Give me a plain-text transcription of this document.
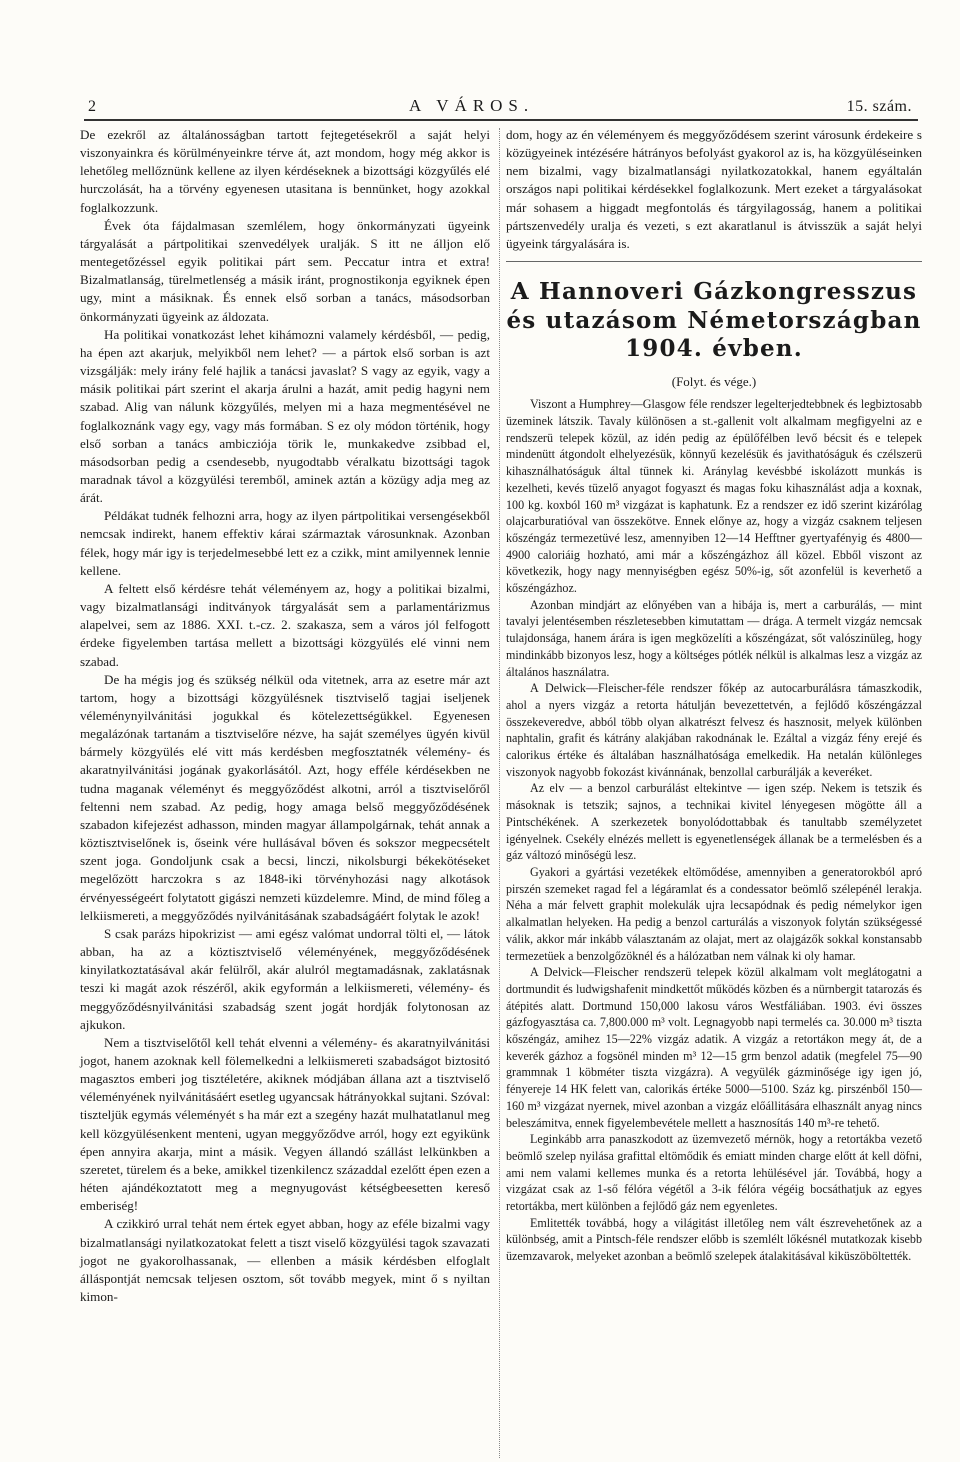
2	A VÁROS.	15. szám.

De ezekről az általánosságban tartott fejtegetésekről a saját helyi viszonyainkra és körülményeinkre térve át, azt mondom, hogy még akkor is lehetőleg mellőznünk kellene az ilyen kérdéseknek a bizottsági közgyűlés elé hurczolását, ha a törvény egyenesen utasitana is bennünket, hogy azokkal foglalkozzunk.

Évek óta fájdalmasan szemlélem, hogy önkormányzati ügyeink tárgyalását a pártpolitikai szenvedélyek uralják. S itt ne álljon elő mentegetőzéssel egyik politikai párt sem. Peccatur intra et extra! Bizalmatlanság, türelmetlenség a másik iránt, prognostikonja egyiknek épen ugy, mint a másiknak. És ennek első sorban a tanács, másodsorban önkormányzati ügyeink az áldozata.

Ha politikai vonatkozást lehet kihámozni valamely kérdésből, — pedig, ha épen azt akarjuk, melyikből nem lehet? — a pártok első sorban is azt vizsgálják: mely irány felé hajlik a tanácsi javaslat? S vagy az egyik, vagy a másik politikai párt szerint el akarja árulni a hazát, amit pedig hagyni nem szabad. Alig van nálunk közgyűlés, melyen mi a haza megmentésével ne foglalkoznánk vagy egy, vagy más formában. S ez oly módon történik, hogy első sorban a tanács ambicziója törik le, munkakedve zsibbad el, másodsorban pedig a csendesebb, nyugodtabb véralkatu bizottsági tagok maradnak távol a közgyülési teremből, aminek aztán a közügy adja meg az árát.

Példákat tudnék felhozni arra, hogy az ilyen pártpolitikai versengésekből nemcsak indirekt, hanem effektiv kárai származtak városunknak. Azonban félek, hogy már igy is terjedelmesebbé lett ez a czikk, mint amilyennek lennie kellene.

A feltett első kérdésre tehát véleményem az, hogy a politikai bizalmi, vagy bizalmatlansági inditványok tárgyalását sem a parlamentárizmus alapelvei, sem az 1886. XXI. t.-cz. 2. szakasza, sem a város jól felfogott érdeke figyelemben tartása mellett a bizottsági közgyülés elé vinni nem szabad.

De ha mégis jog és szükség nélkül oda vitetnek, arra az esetre már azt tartom, hogy a bizottsági közgyülésnek tisztviselő tagjai iseljenek véleménynyilvánitási jogukkal és kötelezettségükkel. Egyenesen megalázónak tartanám a tisztviselőre nézve, ha saját személyes ügyén kivül bármely közgyülés elé vitt más kerdésben megfosztatnék vélemény- és akaratnyilvánitási jogának gyakorlásától. Azt, hogy efféle kérdésekben ne tudna maganak véleményt és meggyőződést alkotni, arról a tisztviselőről feltenni nem szabad. Az pedig, hogy amaga belső meggyőződésének szabadon kifejezést adhasson, minden magyar állampolgárnak, tehát annak a köztisztviselőnek is, őseink vére hullásával bőven és sokszor megpecsételt szent joga. Gondoljunk csak a becsi, linczi, nikolsburgi békekötéseket megelőzött harczokra s az 1848-iki törvényhozási nagy alkotások érvényességeért folytatott gigászi nemzeti küzdelemre. Mind, de mind főleg a lelkiismereti, a meggyőződés nyilvánitásának szabadságáért folytak le azok!

S csak parázs hipokrizist — ami egész valómat undorral tölti el, — látok abban, ha az a köztisztviselő véleményének, meggyőződésének kinyilatkoztatásával akár felülről, akár alulról megtamadásnak, zaklatásnak teszi ki magát azok részéről, akik egyformán a lelkiismereti, vélemény- és meggyőződésnyilvánitási szabadság szent jogát hordják folytonosan az ajkukon.

Nem a tisztviselőtől kell tehát elvenni a vélemény- és akaratnyilvánitási jogot, hanem azoknak kell fölemelkedni a lelkiismereti szabadságot biztositó magasztos emberi jog tisztéletére, akiknek módjában állana azt a tisztviselő véleményének nyilvánitásáért esetleg ugyancsak hátrányokkal sujtani. Szóval: tiszteljük egymás véleményét s ha már ezt a szegény hazát mulhatatlanul meg kell közgyülésenkent menteni, ugyan meggyőződve arról, hogy ezt egyikünk épen annyira akarja, mint a másik. Vegyen állandó szállást lelkünkben a szeretet, türelem és a beke, amikkel tizenkilencz századdal ezelőtt épen ezen a héten ajándékoztatott meg a megnyugovást kétségbeesetten kereső emberiség!

A czikkiró urral tehát nem értek egyet abban, hogy az eféle bizalmi vagy bizalmatlansági nyilatkozatokat felett a tiszt viselő közgyülési tagok szavazati jogot ne gyakorolhassanak, — ellenben a másik kérdésben elfoglalt álláspontját nemcsak teljesen osztom, sőt tovább megyek, mint ő s nyiltan kimon-

dom, hogy az én véleményem és meggyőződésem szerint városunk érdekeire s közügyeinek intézésére hátrányos befolyást gyakorol az is, ha közgyüléseinken nem bizalmi, vagy bizalmatlansági nyilatkozatokkal, hanem egyáltalán országos napi politikai kérdésekkel foglalkozunk. Mert ezeket a tárgyalásokat már sohasem a higgadt megfontolás és tárgyilagosság, hanem a politikai pártszenvedély uralja és vezeti, s ezt akaratlanul is átvisszük a saját helyi ügyeink tárgyalására is.

A Hannoveri Gázkongresszus
és utazásom Németországban
1904. évben.
(Folyt. és vége.)

Viszont a Humphrey—Glasgow féle rendszer legelterjedtebbnek és legbiztosabb üzeminek látszik. Tavaly különösen a st.-gallenit volt alkalmam megfigyelni az e rendszerü telepek közül, az idén pedig az épülőfélben levő bécsit és e telepek mindenütt átgondolt elhelyezésük, könnyű kezelésük és javithatóságuk és czélszerü kihasználhatóságuk által tünnek ki. Aránylag kevésbbé iskolázott munkás is kezelheti, kevés tüzelő anyagot fogyaszt és magas foku kihasználást adja a koxnak, 100 kg. koxból 160 m³ vizgázat is kaphatunk. Ez a rendszer ez idő szerint kizárólag olajcarburatióval van összekötve. Ennek előnye az, hogy a vizgáz csaknem teljesen kőszéngáz termezetüvé lesz, amennyiben 12—14 Hefftner gyertyafényig és 4800—4900 caloriáig hozható, ami már a kőszéngázhoz áll közel. Ebből viszont az következik, hogy nagy mennyiségben egész 50%-ig, sőt azonfelül is keverhető a kőszéngázhoz.

Azonban mindjárt az előnyében van a hibája is, mert a carburálás, — mint tavalyi jelentésemben részletesebben kimutattam — drága. A termelt vizgáz nemcsak tulajdonsága, hanem árára is igen megközelíti a kőszéngázat, sőt valószinüleg, hogy mindinkább bizonyos lesz, hogy a költséges pótlék nélkül is alkalmas lesz a vizgáz az általános használatra.

A Delwick—Fleischer-féle rendszer főkép az autocarburálásra támaszkodik, ahol a nyers vizgáz a retorta hátulján bevezettetvén, a fejlődő kőszéngázzal összekeveredve, abból több olyan alkatrészt felvesz és hasznosit, melyek különben naphtalin, grafit és kátrány alakjában rakodnának le. Ezáltal a vizgáz fény erejé és calorikus értéke és általában használhatósága emelkedik. Ha netalán különleges viszonyok nagyobb fokozást kivánnának, benzollal carburálják a keveréket.

Az elv — a benzol carburálást eltekintve — igen szép. Nekem is tetszik és másoknak is tetszik; sajnos, a technikai kivitel lényegesen mögötte áll a Pintschékének. A szerkezetek bonyolódottabbak és tanultabb személyzetet igényelnek. Csekély elnézés mellett is egyenetlenségek állanak be a termelésben és a gáz változó minőségü lesz.

Gyakori a gyártási vezetékek eltömődése, amennyiben a generatorokból apró pirszén szemeket ragad fel a légáramlat és a condessator beömlő szélepénél lerakja. Néha a már felvett graphit molekulák ujra lecsapódnak és pedig némelykor igen alkalmatlan helyeken. Ha pedig a benzol carturálás a viszonyok folytán szükségessé válik, akkor már inkább választanám az olajat, mert az olajgázők sokkal konstansabb termezetüek a benzolgőzöknél és a hálózatban nem válnak ki oly hamar.

A Delvick—Fleischer rendszerü telepek közül alkalmam volt meglátogatni a dortmundit és ludwigshafenit mindkettőt működés közben és a nürnbergit tatarozás és átépités alatt. Dortmund 150,000 lakosu város Westfáliában. 1903. évi összes gázfogyasztása ca. 7,800.000 m³ volt. Legnagyobb napi termelés ca. 30.000 m³ tiszta kőszéngáz, amihez 15—22% vizgáz adatik. A vizgáz a retortákon megy át, de a keverék gázhoz a fogsönél minden m³ 12—15 grm benzol adatik (megfelel 75—90 grammnak 1 köbméter tiszta vizgázra). A vegyülék gázminősége igy igen jó, fényereje 14 HK felett van, calorikás értéke 5000—5100. Száz kg. pirszénből 150—160 m³ vizgázat nyernek, mivel azonban a vizgáz előállitására elhasznált anyag nincs beleszámitva, ennek figyelembevétele mellett a hasznosítás 140 m³-re tehető.

Leginkább arra panaszkodott az üzemvezető mérnök, hogy a retortákba vezető beömlő szelep nyilása grafittal eltömődik és emiatt minden charge előtt át kell döfni, ami nem valami kellemes munka és a retorta lehülésével jár. Továbbá, hogy a vizgázat csak az 1-ső félóra végétől a 3-ik félóra végéig bocsáthatjuk az egyes retortákba, mert különben a fejlődő gáz nem egyenletes.

Emlitették továbbá, hogy a világitást illetőleg nem vált észrevehetőnek az a különbség, amit a Pintsch-féle rendszer előbb is szemlélt lőkésnél mutatkozak kisebb üzemzavarok, melyeket azonban a beömlő szelepek átalakitásával kiküszöböltették.
